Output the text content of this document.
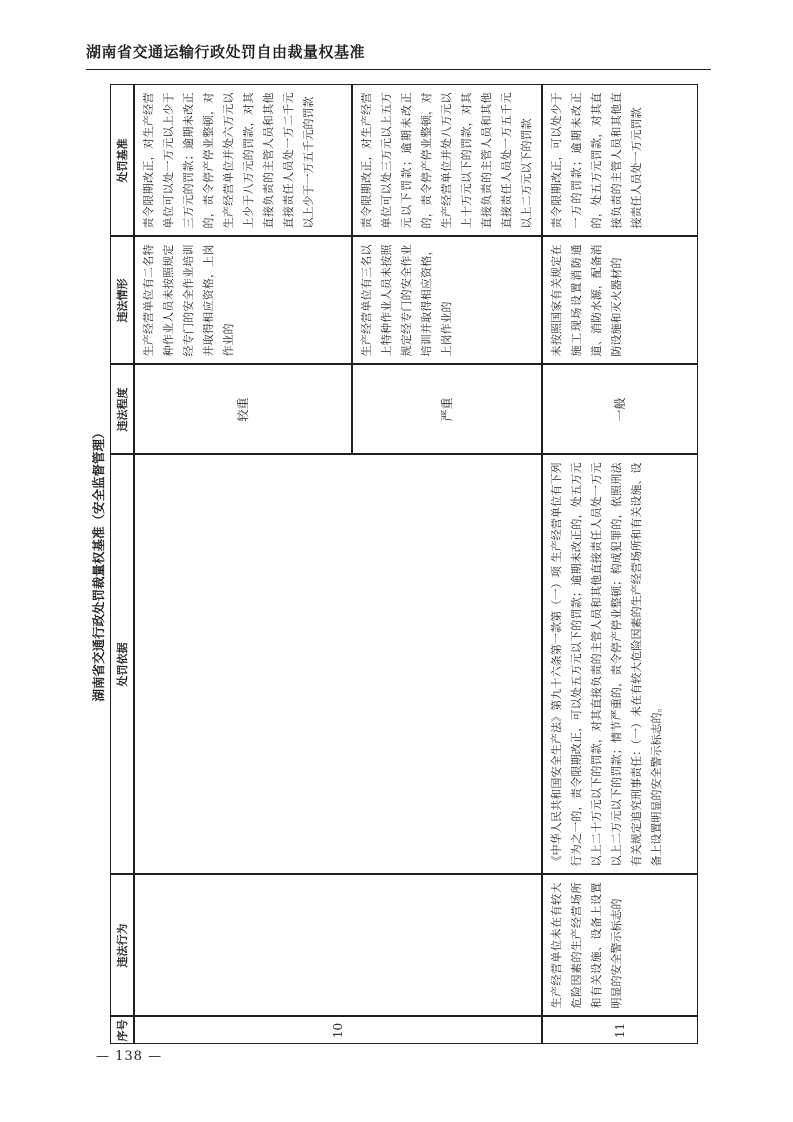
湖南省交通运输行政处罚自由裁量权基准
湖南省交通行政处罚裁量权基准（安全监督管理）
序号
违法行为
处罚依据
违法程度
违法情形
处罚基准
10
较重
生产经营单位有二名特种作业人员未按照规定经专门的安全作业培训并取得相应资格，上岗作业的
责令限期改正，对生产经营单位可以处一万元以上少于三万元的罚款；逾期未改正的，责令停产停业整顿，对生产经营单位并处六万元以上少于八万元的罚款，对其直接负责的主管人员和其他直接责任人员处一万二千元以上少于一万五千元的罚款
严重
生产经营单位有三名以上特种作业人员未按照规定经专门的安全作业培训并取得相应资格，上岗作业的
责令限期改正，对生产经营单位可以处三万元以上五万元以下罚款；逾期未改正的，责令停产停业整顿，对生产经营单位并处八万元以上十万元以下的罚款，对其直接负责的主管人员和其他直接责任人员处一万五千元以上二万元以下的罚款
11
生产经营单位未在有较大危险因素的生产经营场所和有关设施、设备上设置明显的安全警示标志的
《中华人民共和国安全生产法》第九十六条第一款第（一）项 生产经营单位有下列行为之一的，责令限期改正，可以处五万元以下的罚款；逾期未改正的，处五万元以上二十万元以下的罚款，对其直接负责的主管人员和其他直接责任人员处一万元以上二万元以下的罚款；情节严重的，责令停产停业整顿；构成犯罪的，依照刑法有关规定追究刑事责任：（一）未在有较大危险因素的生产经营场所和有关设施、设备上设置明显的安全警示标志的。
一般
未按照国家有关规定在施工现场设置消防通道、消防水源，配备消防设施和灭火器材的
责令限期改正，可以处少于一万的罚款；逾期未改正的，处五万元罚款，对其直接负责的主管人员和其他直接责任人员处一万元罚款
— 138 —
